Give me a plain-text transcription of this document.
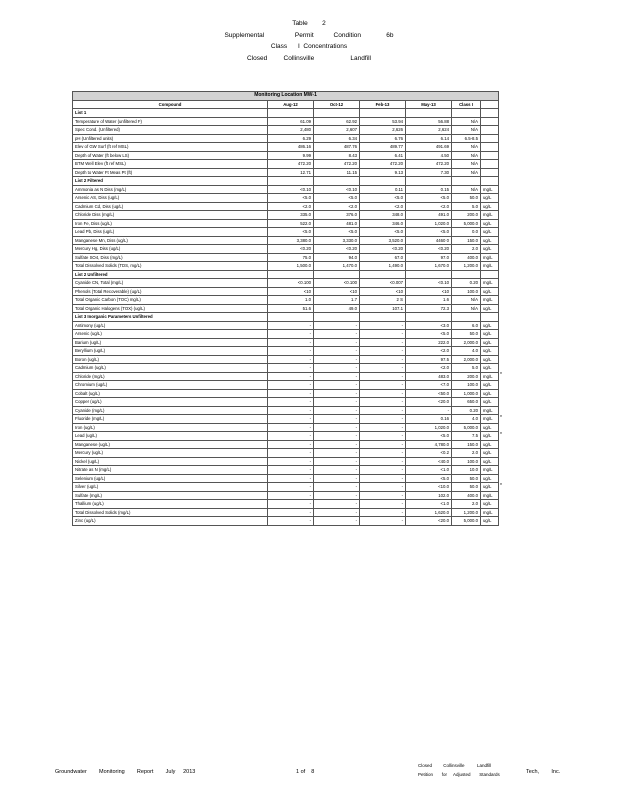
Table        2
Supplemental                 Permit           Condition              6b
Class      I  Concentrations
Closed         Collinsville                    Landfill
Monitoring Location MW-1						
Compound	Aug-12	Oct-12	Feb-13	May-13	Class I	
List 1						
Temperature of Water (unfiltered F)	61.09	62.92	53.94	56.88	N/A	
Spec Cond. (Unfiltered)	2,480	2,607	2,626	2,624	N/A	
pH (Unfiltered units)	6.29	6.34	6.76	6.14	6.5-8.5	
Elev of GW Surf (ft ref MSL)	486.16	487.76	489.77	491.69	N/A	
Depth of Water (ft below LS)	9.99	8.43	6.41	4.50	N/A	
BTM Well Elev (ft ref MSL)	472.20	472.20	472.20	472.20	N/A	
Depth to Water Ft Meas Pt (ft)	12.71	11.15	9.13	7.30	N/A	
List 2 Filtered						
Ammonia as N Diss (mg/L)	<0.10	<0.10	0.11	0.15	N/A	mg/L
Arsenic AS, Diss (ug/L)	<5.0	<5.0	<5.0	<5.0	50.0	ug/L
Cadmium Cd, Diss (ug/L)	<2.0	<2.0	<2.0	<2.0	5.0	ug/L
Chloride Diss (mg/L)	335.0	376.0	348.0	491.0	200.0	mg/L
Iron Fe, Diss (ug/L)	522.0	481.0	346.0	1,020.0	5,000.0	ug/L
Lead Pb, Diss (ug/L)	<5.0	<5.0	<5.0	<5.0	0.0	ug/L
Manganese Mn, Diss (ug/L)	3,380.0	3,330.0	3,520.0	4460 0	150.0	ug/L
Mercury Hg, Diss (ug/L)	<0.20	<0.20	<0.20	<0.20	2.0	ug/L
Sulfate SO4, Diss (mg/L)	75.0	94.0	67.0	97.0	400.0	mg/L
Total Dissolved Solids (TDS, mg/L)	1,500.0	1,470.0	1,490.0	1,670.0	1,200.0	mg/L
List 2 Unfiltered						
Cyanide CN, Total (mg/L)	<0.100	<0.100	<0.007	<0.10	0.20	mg/L
Phenols (Total Recoverable) (ug/L)	<10	<10	<10	<10	100.0	ug/L
Total Organic Carbon (TOC) mg/L)	1.0	1.7	2 S	1.6	N/A	mg/L
Total Organic Halogens (TOX) (ug/L)	51.6	49.0	107.1	72.3	N/A	ug/L
List 3 Inorganic Parameters Unfiltered						
Antimony (ug/L)	-	-	-	<3.0	6.0	ug/L
Arsenic (ug/L)	-	-	-	<5.0	50.0	ug/L
Barium (ug/L)	-	-	-	222.0	2,000.0	ug/L
Beryllium (ug/L)	-	-	-	<2.0	4.0	ug/L
Boron (ug/L)	-	-	-	97.5	2,000.0	ug/L
Cadmium (ug/L)	-	-	-	<2.0	5.0	ug/L
Chloride (mg/L)	-	-	-	483.0	200.0	mg/L
Chromium (ug/L)	-	-	-	<7.0	100.0	ug/L
Cobalt (ug/L)	-	-	-	<50.0	1,000.0	ug/L
Copper (ug/L)	-	-	-	<20.0	650.0	ug/L
Cyanide (mg/L)	-	-	-	-	0.20	mg/L
Fluoride (mg/L)	-	-	-	0.16	4.0	mg/L
Iron (ug/L)	-	-	-	1,020.0	5,000.0	ug/L
Lead (ug/L)	-	-	-	<5.0	7.5	ug/L
Manganese (ug/L)	-	-	-	4,780.0	150.0	ug/L
Mercury (ug/L)	-	-	-	<0.2	2.0	ug/L
Nickel (ug/L)	-	-	-	<40.0	100.0	ug/L
Nitrate as N (mg/L)	-	-	-	<1.0	10.0	mg/L
Selenium (ug/L)	-	-	-	<5.0	50.0	ug/L
Silver (ug/L)	-	-	-	<10.0	50.0	ug/L
Sulfate (mg/L)	-	-	-	102.0	400.0	mg/L
Thallium (ug/L)	-	-	-	<1.0	2.0	ug/L
Total Dissolved Solids (mg/L)	-	-	-	1,620.0	1,200.0	mg/L
Zinc (ug/L)	-	-	-	<20.0	5,000.0	ug/L
Groundwater        Monitoring        Report        July     2013	1 of    8
Closed         Collinsville          Landfill
Petition       for     Adjusted       Standards	Tech,        Inc.
*
*
*
*
